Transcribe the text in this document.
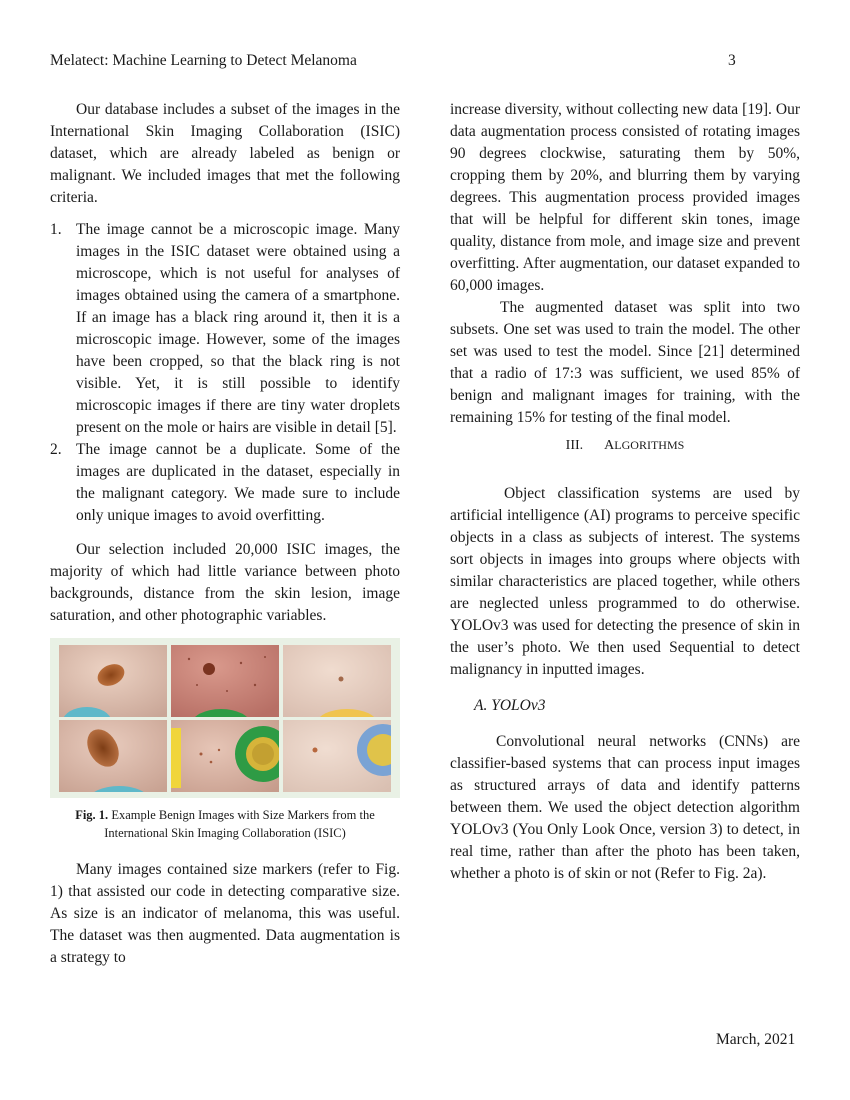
Melatect: Machine Learning to Detect Melanoma	3

Our database includes a subset of the images in the International Skin Imaging Collaboration (ISIC) dataset, which are already labeled as benign or malignant. We included images that met the following criteria.

1. The image cannot be a microscopic image. Many images in the ISIC dataset were obtained using a microscope, which is not useful for analyses of images obtained using the camera of a smartphone. If an image has a black ring around it, then it is a microscopic image. However, some of the images have been cropped, so that the black ring is not visible. Yet, it is still possible to identify microscopic images if there are tiny water droplets present on the mole or hairs are visible in detail [5].
2. The image cannot be a duplicate. Some of the images are duplicated in the dataset, especially in the malignant category. We made sure to include only unique images to avoid overfitting.

Our selection included 20,000 ISIC images, the majority of which had little variance between photo backgrounds, distance from the skin lesion, image saturation, and other photographic variables.

Fig. 1. Example Benign Images with Size Markers from the International Skin Imaging Collaboration (ISIC)

Many images contained size markers (refer to Fig. 1) that assisted our code in detecting comparative size. As size is an indicator of melanoma, this was useful. The dataset was then augmented. Data augmentation is a strategy to

increase diversity, without collecting new data [19]. Our data augmentation process consisted of rotating images 90 degrees clockwise, saturating them by 50%, cropping them by 20%, and blurring them by varying degrees. This augmentation process provided images that will be helpful for different skin tones, image quality, distance from mole, and image size and prevent overfitting. After augmentation, our dataset expanded to 60,000 images.

The augmented dataset was split into two subsets. One set was used to train the model. The other set was used to test the model. Since [21] determined that a radio of 17:3 was sufficient, we used 85% of benign and malignant images for training, with the remaining 15% for testing of the final model.

III. ALGORITHMS

Object classification systems are used by artificial intelligence (AI) programs to perceive specific objects in a class as subjects of interest. The systems sort objects in images into groups where objects with similar characteristics are placed together, while others are neglected unless programmed to do otherwise. YOLOv3 was used for detecting the presence of skin in the user’s photo. We then used Sequential to detect malignancy in inputted images.

A. YOLOv3

Convolutional neural networks (CNNs) are classifier-based systems that can process input images as structured arrays of data and identify patterns between them. We used the object detection algorithm YOLOv3 (You Only Look Once, version 3) to detect, in real time, rather than after the photo has been taken, whether a photo is of skin or not (Refer to Fig. 2a).

March, 2021
